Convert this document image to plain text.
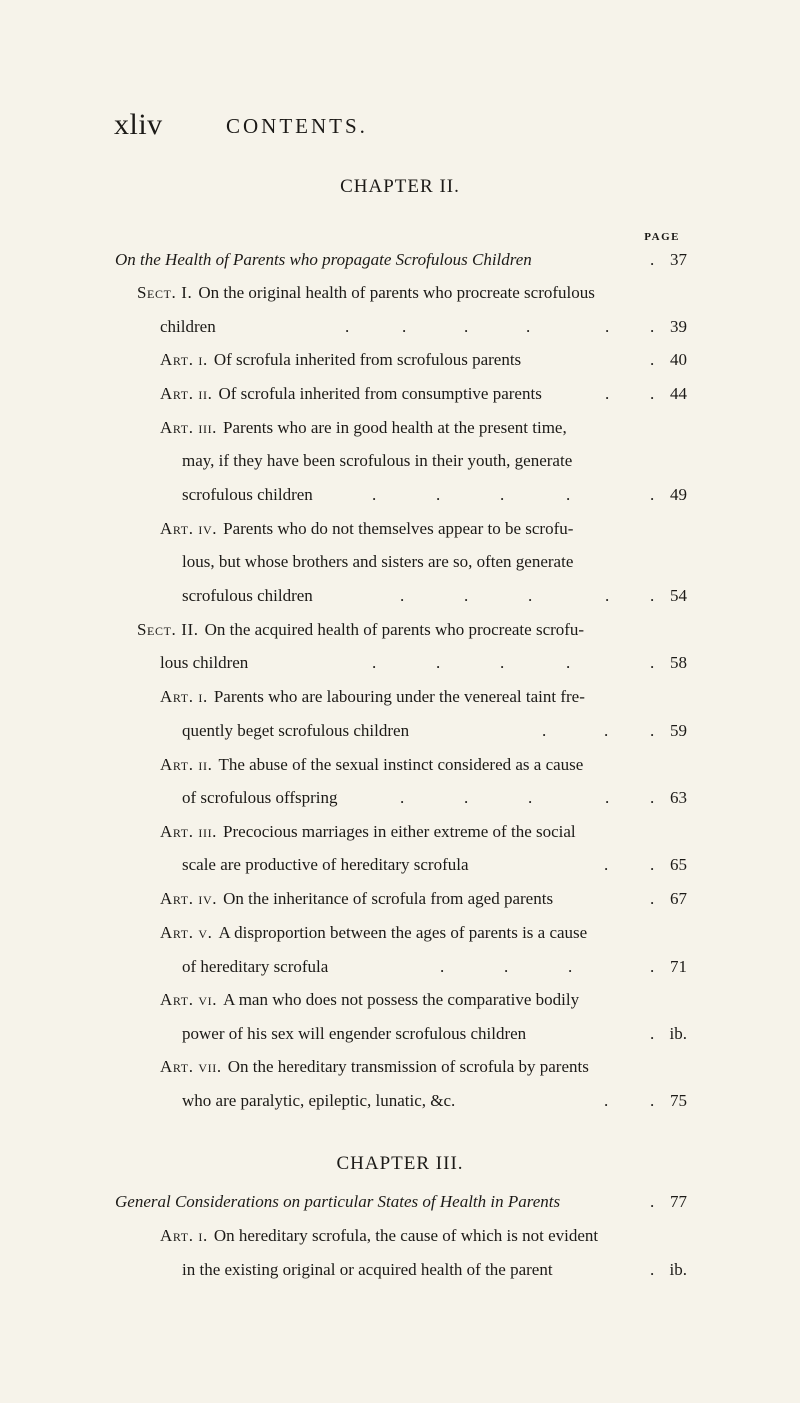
xliv	CONTENTS.
CHAPTER II.
PAGE
On the Health of Parents who propagate Scrofulous Children	. 37
Sect. I. On the original health of parents who procreate scrofulous
children	.	.	.	.	. . 39
Art. i. Of scrofula inherited from scrofulous parents	. 40
Art. ii. Of scrofula inherited from consumptive parents	. . 44
Art. iii. Parents who are in good health at the present time,
may, if they have been scrofulous in their youth, generate
scrofulous children	.	.	.	.	. 49
Art. iv. Parents who do not themselves appear to be scrofu-
lous, but whose brothers and sisters are so, often generate
scrofulous children	.	.	.	. . 54
Sect. II. On the acquired health of parents who procreate scrofu-
lous children	.	.	.	.	. 58
Art. i. Parents who are labouring under the venereal taint fre-
quently beget scrofulous children	.	. . 59
Art. ii. The abuse of the sexual instinct considered as a cause
of scrofulous offspring	.	.	.	. . 63
Art. iii. Precocious marriages in either extreme of the social
scale are productive of hereditary scrofula	. . 65
Art. iv. On the inheritance of scrofula from aged parents	. 67
Art. v. A disproportion between the ages of parents is a cause
of hereditary scrofula	.	.	.	. 71
Art. vi. A man who does not possess the comparative bodily
power of his sex will engender scrofulous children	. ib.
Art. vii. On the hereditary transmission of scrofula by parents
who are paralytic, epileptic, lunatic, &c.	. . 75
CHAPTER III.
General Considerations on particular States of Health in Parents	. 77
Art. i. On hereditary scrofula, the cause of which is not evident
in the existing original or acquired health of the parent	. ib.
